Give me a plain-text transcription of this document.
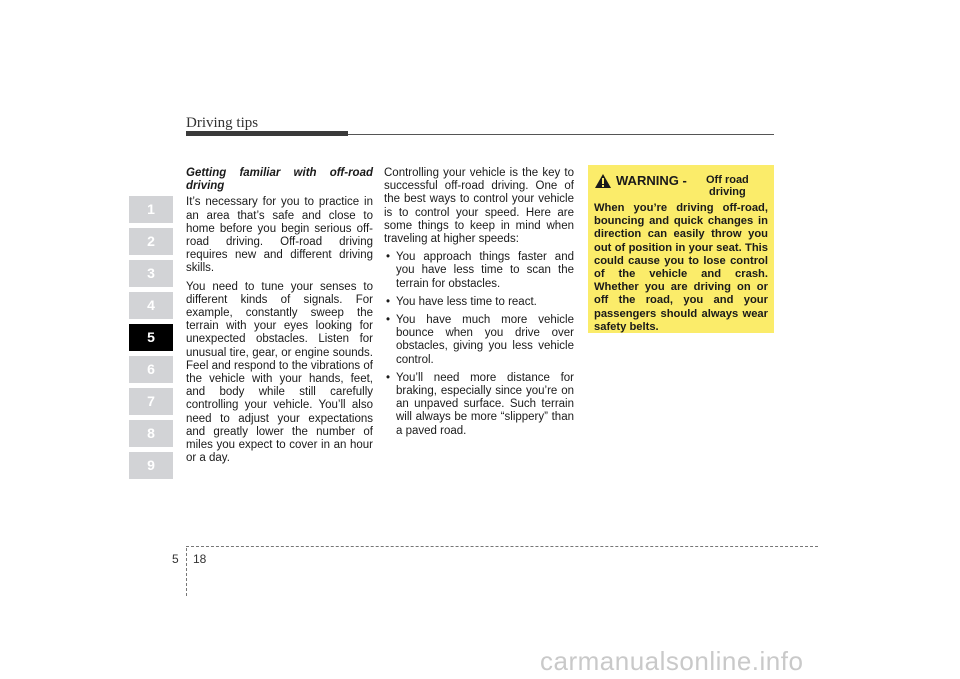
Driving tips
1
2
3
4
5
6
7
8
9
Getting familiar with off-road driving

It’s necessary for you to practice in an area that’s safe and close to home before you begin serious off-road driving. Off-road driving requires new and different driving skills.

You need to tune your senses to different kinds of signals. For example, constantly sweep the terrain with your eyes looking for unexpected obstacles. Listen for unusual tire, gear, or engine sounds. Feel and respond to the vibrations of the vehicle with your hands, feet, and body while still carefully controlling your vehicle. You’ll also need to adjust your expectations and greatly lower the number of miles you expect to cover in an hour or a day.

Controlling your vehicle is the key to successful off-road driving. One of the best ways to control your vehicle is to control your speed. Here are some things to keep in mind when traveling at higher speeds:

• You approach things faster and you have less time to scan the terrain for obstacles.
• You have less time to react.
• You have much more vehicle bounce when you drive over obstacles, giving you less vehicle control.
• You’ll need more distance for braking, especially since you’re on an unpaved surface. Such terrain will always be more “slippery” than a paved road.
WARNING -	Off road driving

When you’re driving off-road, bouncing and quick changes in direction can easily throw you out of position in your seat. This could cause you to lose control of the vehicle and crash. Whether you are driving on or off the road, you and your passengers should always wear safety belts.

5 18
carmanualsonline.info
